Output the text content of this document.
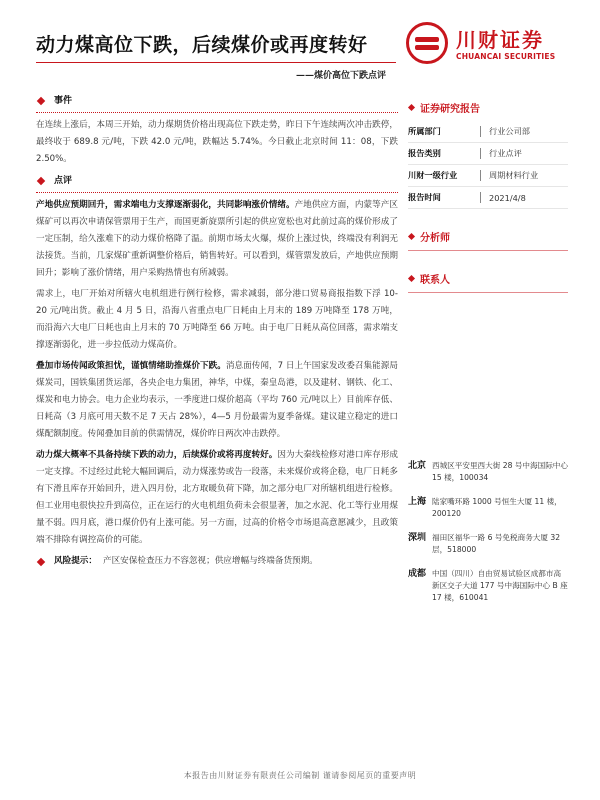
动力煤高位下跌，后续煤价或再度转好
——煤价高位下跌点评
川财证券
CHUANCAI SECURITIES
事件
在连续上涨后，本周三开始，动力煤期货价格出现高位下跌走势，昨日下午连续两次冲击跌停，最终收于 689.8 元/吨，下跌 42.0 元/吨，跌幅达 5.74%。今日截止北京时间 11：08，下跌 2.50%。
点评
产地供应预期回升，需求端电力支撑逐渐弱化，共同影响涨价情绪。产地供应方面，内蒙等产区煤矿可以再次申请保管票用于生产，而国更新旋票所引起的供应宽松也对此前过高的煤价形成了一定压制，给久涨难下的动力煤价格降了温。前期市场太火爆，煤价上涨过快，终端没有利润无法接货。当前，几家煤矿重新调整价格后，销售转好。可以看到，煤管票发放后，产地供应预期回升；影响了涨价情绪，用户采购热情也有所减弱。
需求上，电厂开始对所辖火电机组进行例行检修，需求减弱，部分港口贸易商报指数下浮 10-20 元/吨出货。截止 4 月 5 日，沿海八省重点电厂日耗由上月末的 189 万吨降至 178 万吨，而沿海六大电厂日耗也由上月末的 70 万吨降至 66 万吨。由于电厂日耗从高位回落，需求端支撑逐渐弱化，进一步拉低动力煤高价。
叠加市场传闻政策担忧，谨慎情绪助推煤价下跌。消息面传闻，7 日上午国家发改委召集能源局煤炭司，国铁集团货运部，各央企电力集团，神华，中煤，秦皇岛港，以及建材、钢铁、化工、煤炭和电力协会。电力企业均表示，一季度进口煤价超高（平均 760 元/吨以上）目前库存低、日耗高（3 月底可用天数不足 7 天占 28%），4—5 月份最需为夏季备煤。建议建立稳定的进口煤配额制度。传闻叠加目前的供需情况，煤价昨日两次冲击跌停。
动力煤大概率不具备持续下跌的动力，后续煤价或将再度转好。因为大秦线检修对港口库存形成一定支撑。不过经过此轮大幅回调后，动力煤涨势或告一段落，未来煤价或将企稳，电厂日耗多有下滑且库存开始回升，进入四月份，北方取暖负荷下降，加之部分电厂对所辖机组进行检修。但工业用电很快拉升到高位，正在运行的火电机组负荷未会很显著，加之水泥、化工等行业用煤量不弱。四月底，港口煤价仍有上涨可能。另一方面，过高的价格令市场退高意愿减少，且政策端不排除有调控高价的可能。
风险提示： 产区安保检查压力不容忽视；供应增幅与终端备货预期。
证券研究报告
所属部门	行业公司部
报告类别	行业点评
川财一级行业	周期材料行业
报告时间	2021/4/8
分析师
联系人
北京 西城区平安里西大街 28 号中海国际中心 15 楼，100034
上海 陆家嘴环路 1000 号恒生大厦 11 楼，200120
深圳 福田区福华一路 6 号免税商务大厦 32 层，518000
成都 中国（四川）自由贸易试验区成都市高新区交子大道 177 号中海国际中心 B 座 17 楼，610041
本报告由川财证券有限责任公司编制 谨请参阅尾页的重要声明
